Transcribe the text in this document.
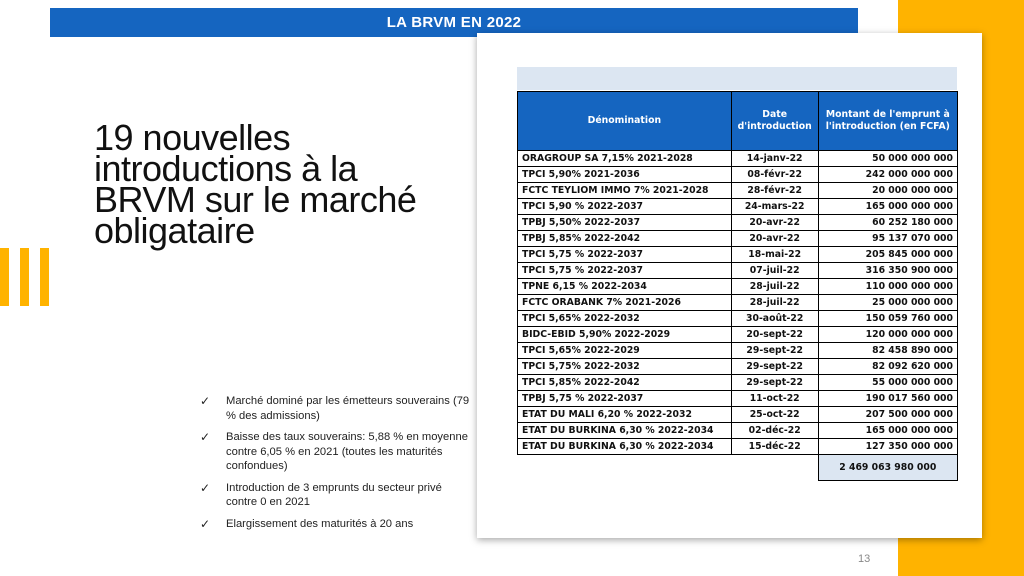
LA BRVM EN 2022
19 nouvelles introductions à la BRVM sur le marché obligataire
✓ Marché dominé par les émetteurs souverains (79 % des admissions)
✓ Baisse des taux souverains: 5,88 % en moyenne contre 6,05 % en 2021 (toutes les maturités confondues)
✓ Introduction de 3 emprunts du secteur privé contre 0 en 2021
✓ Elargissement des maturités à 20 ans
Dénomination	Date d'introduction	Montant de l'emprunt à l'introduction (en FCFA)
ORAGROUP SA 7,15% 2021-2028	14-janv-22	50 000 000 000
TPCI 5,90% 2021-2036	08-févr-22	242 000 000 000
FCTC TEYLIOM IMMO 7% 2021-2028	28-févr-22	20 000 000 000
TPCI 5,90 % 2022-2037	24-mars-22	165 000 000 000
TPBJ 5,50% 2022-2037	20-avr-22	60 252 180 000
TPBJ 5,85% 2022-2042	20-avr-22	95 137 070 000
TPCI 5,75 % 2022-2037	18-mai-22	205 845 000 000
TPCI 5,75 % 2022-2037	07-juil-22	316 350 900 000
TPNE 6,15 % 2022-2034	28-juil-22	110 000 000 000
FCTC ORABANK 7% 2021-2026	28-juil-22	25 000 000 000
TPCI 5,65% 2022-2032	30-août-22	150 059 760 000
BIDC-EBID 5,90% 2022-2029	20-sept-22	120 000 000 000
TPCI 5,65% 2022-2029	29-sept-22	82 458 890 000
TPCI 5,75% 2022-2032	29-sept-22	82 092 620 000
TPCI 5,85% 2022-2042	29-sept-22	55 000 000 000
TPBJ 5,75 % 2022-2037	11-oct-22	190 017 560 000
ETAT DU MALI 6,20 % 2022-2032	25-oct-22	207 500 000 000
ETAT DU BURKINA 6,30 % 2022-2034	02-déc-22	165 000 000 000
ETAT DU BURKINA 6,30 % 2022-2034	15-déc-22	127 350 000 000
		2 469 063 980 000
13
